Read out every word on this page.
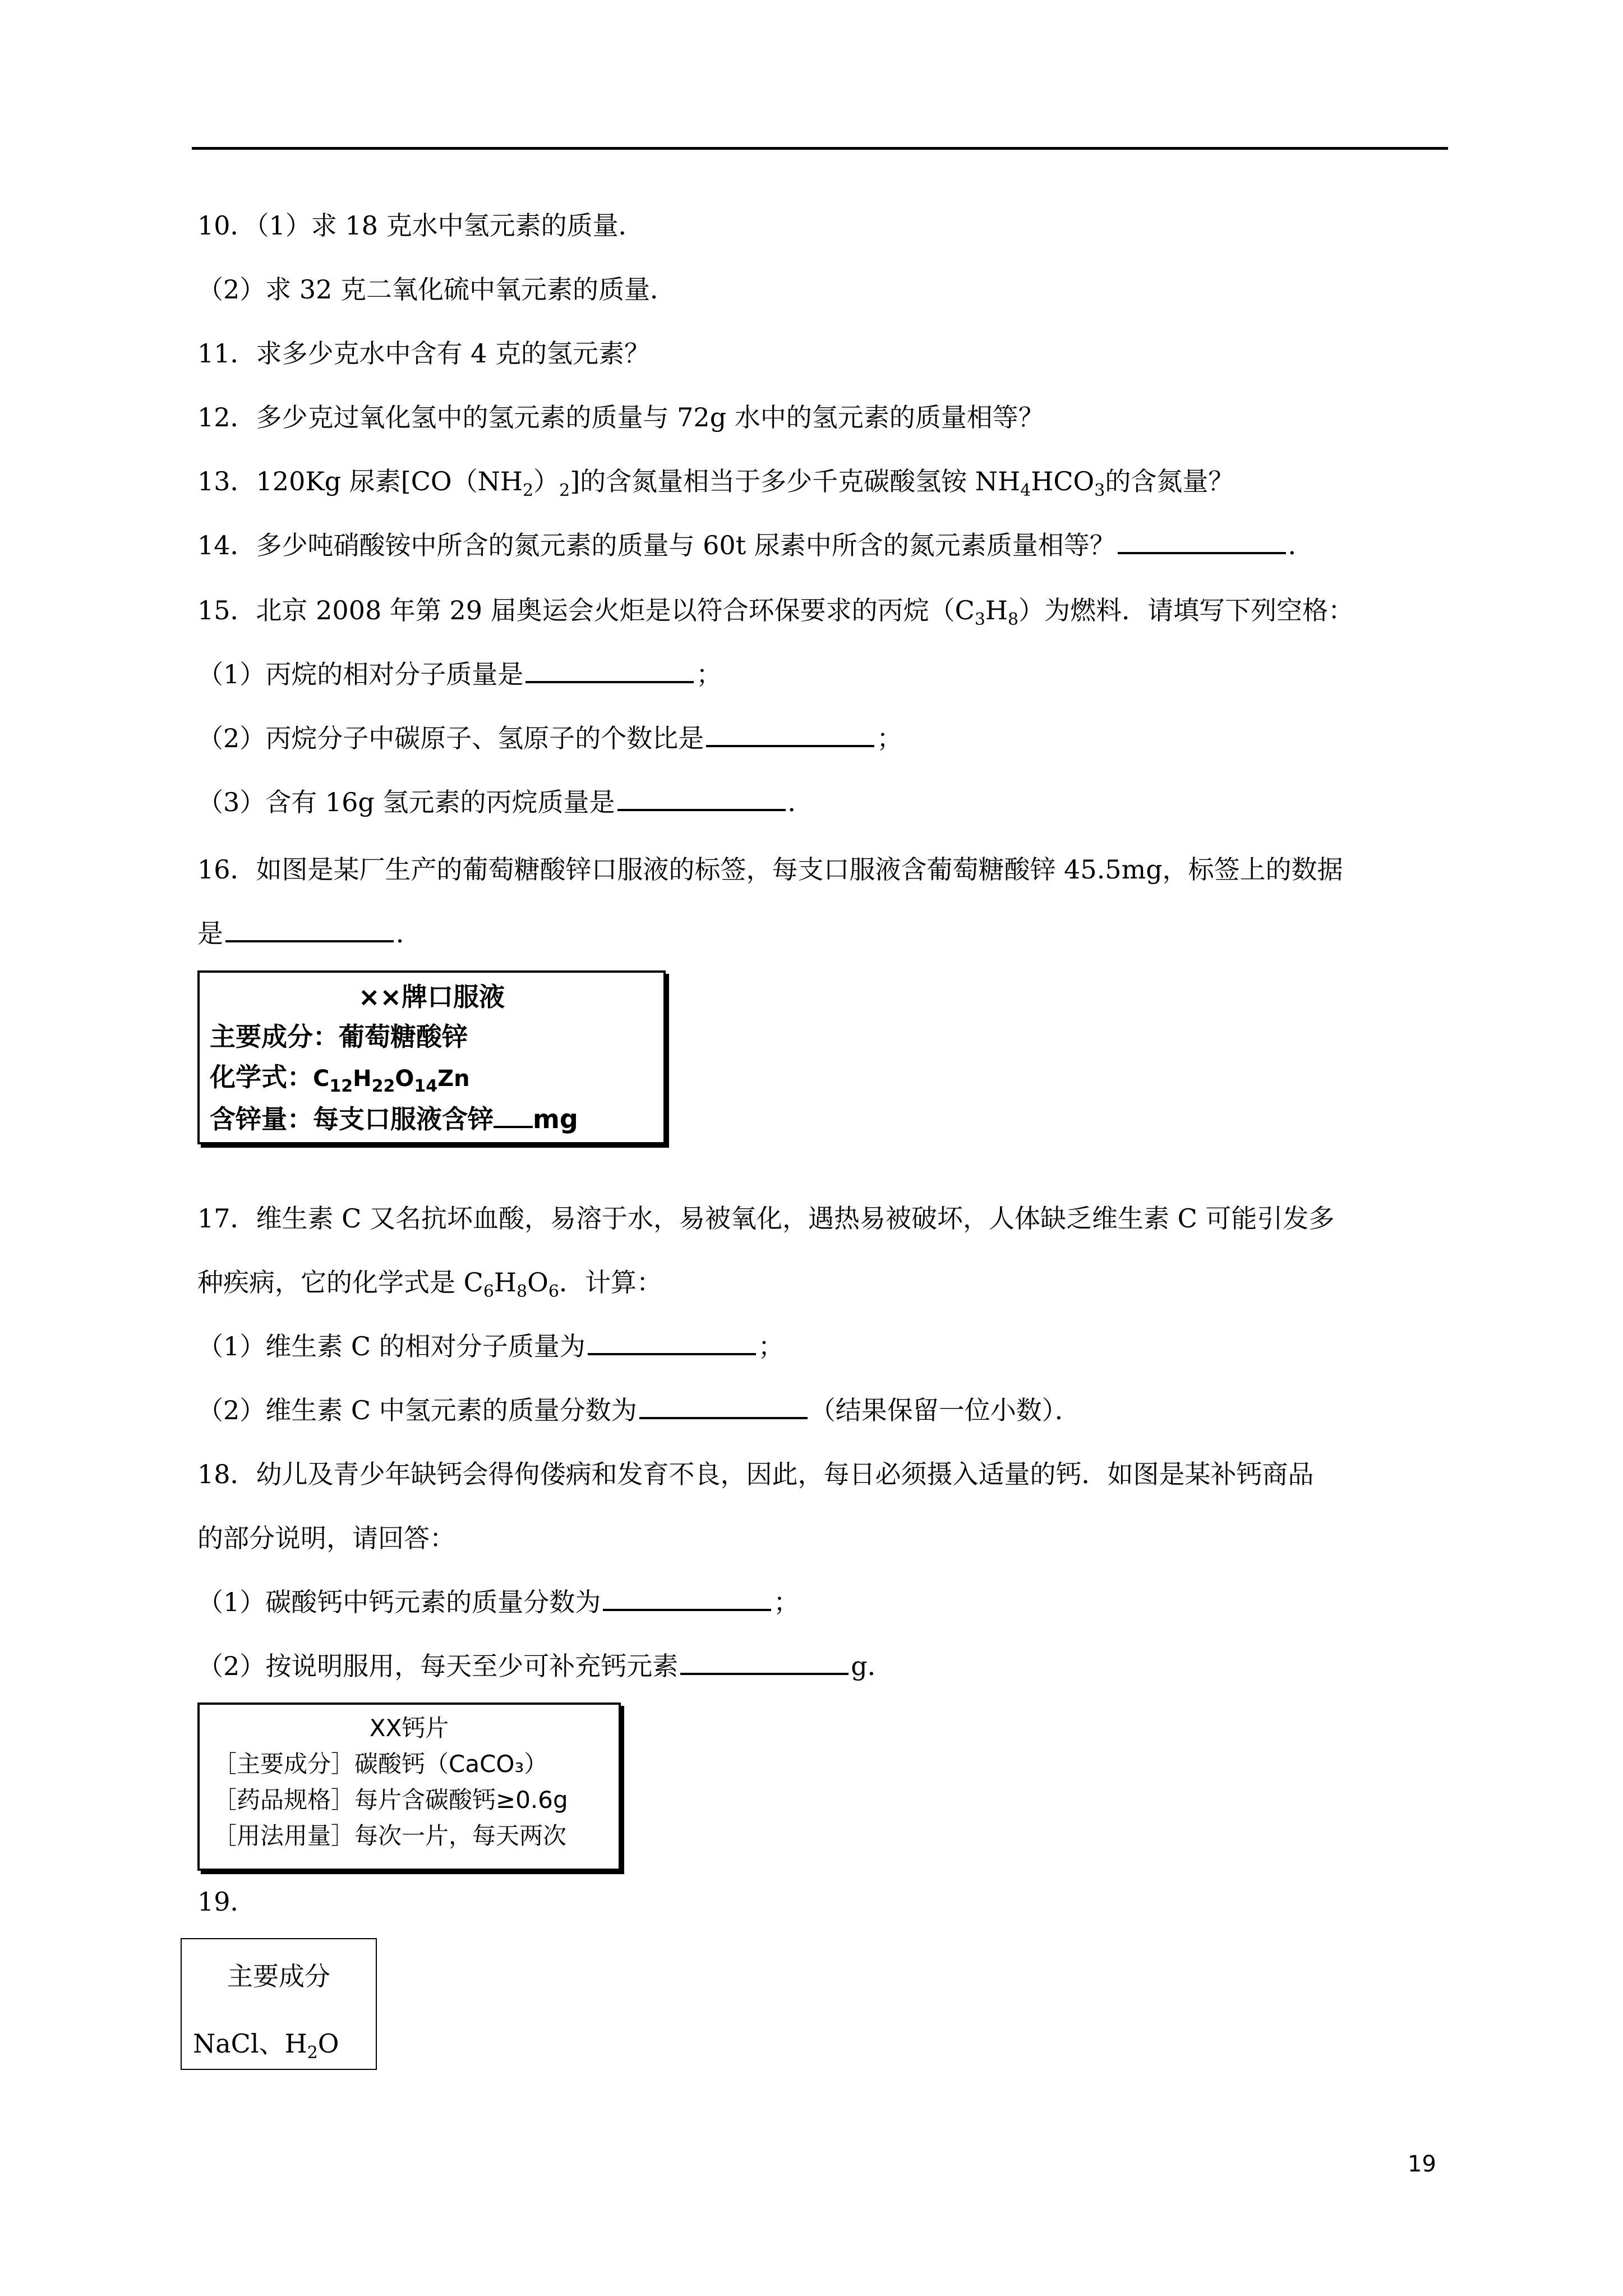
10．（1）求 18 克水中氢元素的质量．
（2）求 32 克二氧化硫中氧元素的质量．
11．求多少克水中含有 4 克的氢元素？
12．多少克过氧化氢中的氢元素的质量与 72g 水中的氢元素的质量相等？
13．120Kg 尿素$[CO(NH_2)_2]$的含氮量相当于多少千克碳酸氢铵 $NH_4HCO_3$的含氮量？
14．多少吨硝酸铵中所含的氮元素的质量与 60t 尿素中所含的氮元素质量相等？	．
15．北京 2008 年第 29 届奥运会火炬是以符合环保要求的丙烷$(C_3H_8)$为燃料．请填写下列空格：
（1）丙烷的相对分子质量是	；
（2）丙烷分子中碳原子、氢原子的个数比是	；
（3）含有 16g 氢元素的丙烷质量是	．
16．如图是某厂生产的葡萄糖酸锌口服液的标签，每支口服液含葡萄糖酸锌 45.5mg，标签上的数据
是	．
××牌口服液
主要成分：葡萄糖酸锌
化学式：$C_{12}H_{22}O_{14}Zn$
含锌量：每支口服液含锌 mg
17．维生素 C 又名抗坏血酸，易溶于水，易被氧化，遇热易被破坏，人体缺乏维生素 C 可能引发多
种疾病，它的化学式是 $C_6H_8O_6$．计算：
（1）维生素 C 的相对分子质量为	；
（2）维生素 C 中氢元素的质量分数为	（结果保留一位小数）．
18．幼儿及青少年缺钙会得佝偻病和发育不良，因此，每日必须摄入适量的钙．如图是某补钙商品
的部分说明，请回答：
（1）碳酸钙中钙元素的质量分数为	；
（2）按说明服用，每天至少可补充钙元素	g．
XX钙片
［主要成分］碳酸钙（CaCO₃）
［药品规格］每片含碳酸钙≥0.6g
［用法用量］每次一片，每天两次
19．
主要成分
NaCl、$H_2O$
19
